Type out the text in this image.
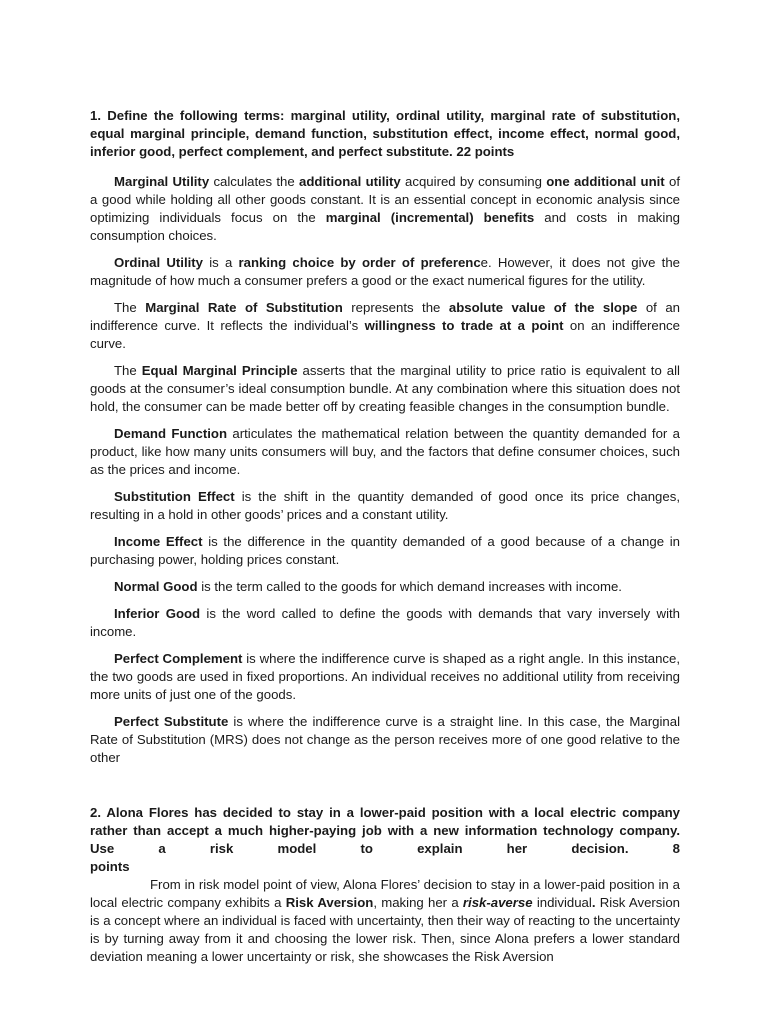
1. Define the following terms: marginal utility, ordinal utility, marginal rate of substitution, equal marginal principle, demand function, substitution effect, income effect, normal good, inferior good, perfect complement, and perfect substitute. 22 points

Marginal Utility calculates the additional utility acquired by consuming one additional unit of a good while holding all other goods constant. It is an essential concept in economic analysis since optimizing individuals focus on the marginal (incremental) benefits and costs in making consumption choices.

Ordinal Utility is a ranking choice by order of preference. However, it does not give the magnitude of how much a consumer prefers a good or the exact numerical figures for the utility.

The Marginal Rate of Substitution represents the absolute value of the slope of an indifference curve. It reflects the individual’s willingness to trade at a point on an indifference curve.

The Equal Marginal Principle asserts that the marginal utility to price ratio is equivalent to all goods at the consumer’s ideal consumption bundle. At any combination where this situation does not hold, the consumer can be made better off by creating feasible changes in the consumption bundle.

Demand Function articulates the mathematical relation between the quantity demanded for a product, like how many units consumers will buy, and the factors that define consumer choices, such as the prices and income.

Substitution Effect is the shift in the quantity demanded of good once its price changes, resulting in a hold in other goods’ prices and a constant utility.

Income Effect is the difference in the quantity demanded of a good because of a change in purchasing power, holding prices constant.

Normal Good is the term called to the goods for which demand increases with income.

Inferior Good is the word called to define the goods with demands that vary inversely with income.

Perfect Complement is where the indifference curve is shaped as a right angle. In this instance, the two goods are used in fixed proportions. An individual receives no additional utility from receiving more units of just one of the goods.

Perfect Substitute is where the indifference curve is a straight line. In this case, the Marginal Rate of Substitution (MRS) does not change as the person receives more of one good relative to the other

2. Alona Flores has decided to stay in a lower-paid position with a local electric company rather than accept a much higher-paying job with a new information technology company. Use a risk model to explain her decision. 8 points

From in risk model point of view, Alona Flores’ decision to stay in a lower-paid position in a local electric company exhibits a Risk Aversion, making her a risk-averse individual. Risk Aversion is a concept where an individual is faced with uncertainty, then their way of reacting to the uncertainty is by turning away from it and choosing the lower risk. Then, since Alona prefers a lower standard deviation meaning a lower uncertainty or risk, she showcases the Risk Aversion
